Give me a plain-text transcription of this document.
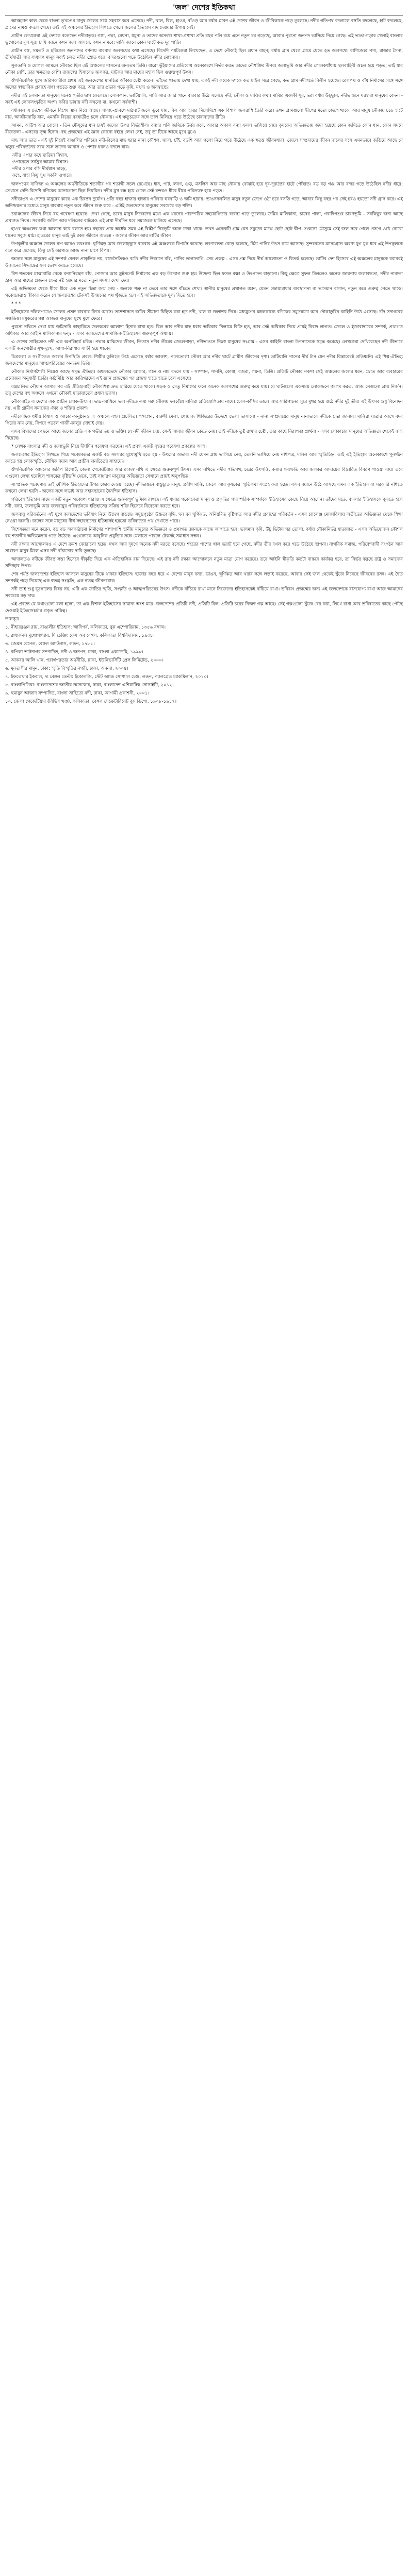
'জল' দেশের ইতিকথা

আবহমান কাল থেকে বাংলা ভূখণ্ডের মানুষ জলের সঙ্গে সহবাস করে এসেছে। নদী, খাল, বিল, হাওর, বাঁওড় আর বর্ষার প্লাবন এই দেশের জীবন ও জীবিকাকে গড়ে তুলেছে। নদীর গতিপথ বদলালে বসতি বদলেছে, হাট বদলেছে, গ্রামের নামও বদলে গেছে। তাই এই অঞ্চলের ইতিহাস লিখতে গেলে জলের ইতিহাস বাদ দেওয়ার উপায় নেই।

প্রাচীন লেখকেরা এই দেশকে বলেছেন নদীমাতৃক। গঙ্গা, পদ্মা, মেঘনা, যমুনা ও তাদের অসংখ্য শাখা-প্রশাখা প্রতি বছর পলি বয়ে এনে নতুন চর গড়েছে, আবার পুরনো জনপদ ভাসিয়ে নিয়ে গেছে। এই ভাঙা-গড়ার খেলাই বাংলার ভূগোলের মূল সুর। চাষি জানে কখন জল আসবে, কখন নামবে; মাঝি জানে কোন ঘাটে কত দূর পাড়ি।

প্রাচীন বঙ্গ, সমতট ও হরিকেল জনপদের বর্ণনায় বারবার জলপথের কথা এসেছে। বিদেশি পর্যটকেরা লিখেছেন, এ দেশে নৌকাই ছিল প্রধান বাহন; বর্ষায় গ্রাম থেকে গ্রামে যেতে হত জলপথে। বাণিজ্যের পণ্য, রাজার সৈন্য, তীর্থযাত্রী আর সাধারণ মানুষ সবাই চলত নদীর স্রোত ধরে। বন্দরগুলো গড়ে উঠেছিল নদীর মোহনায়।

সুলতানি ও মোগল আমলে নৌবহর ছিল এই অঞ্চলের শাসনের অন্যতম ভিত্তি। বারো ভুঁইয়াদের প্রতিরোধ অনেকাংশে নির্ভর করত তাদের নৌশক্তির উপর। জলাভূমি আর নদীর গোলকধাঁধায় স্থলবাহিনী অচল হয়ে পড়ত; তাই যার নৌকা বেশি, তার ক্ষমতাও বেশি। রাজস্বের হিসাবেও জলকর, ঘাটকর আর মাছের মহাল ছিল গুরুত্বপূর্ণ উৎস।

ঔপনিবেশিক যুগে জরিপকারীরা প্রথম এই জলদেশের মানচিত্র আঁকার চেষ্টা করেন। তাঁদের খাতায় দেখা যায়, একই নদী কয়েক দশকে কত মাইল সরে গেছে, কত গ্রাম নদীগর্ভে বিলীন হয়েছে। রেলপথ ও বাঁধ নির্মাণের সঙ্গে সঙ্গে জলের স্বাভাবিক প্রবাহে বাধা পড়তে শুরু করে, আর তার প্রভাব পড়ে কৃষি, মৎস্য ও জনস্বাস্থ্যে।

নদীর এই চলমানতা মানুষের মনেও গভীর ছাপ ফেলেছে। লোকগান, ভাটিয়ালি, সারি আর জারি গানে বারবার উঠে এসেছে নদী, নৌকা ও মাঝির কথা। মাঝির একাকী সুর, ভরা বর্ষার উচ্ছ্বাস, নদীভাঙনে ঘরহারা মানুষের বেদনা - সবই এই লোকসংস্কৃতির অংশ। কবির ভাষায় নদী কখনো মা, কখনো সর্বনাশী।

বর্ষাকাল এ দেশের জীবনে বিশেষ স্থান নিয়ে আছে। আষাঢ়-শ্রাবণে মাঠঘাট জলে ডুবে যায়, বিল আর হাওর মিলেমিশে এক বিশাল জলরাশি তৈরি করে। তখন গ্রামগুলো দ্বীপের মতো জেগে থাকে, আর মানুষ নৌকায় চড়ে হাটে যায়, আত্মীয়বাড়ি যায়, এমনকি বিয়ের বরযাত্রীও চলে নৌকায়। এই ঋতুচক্রের সঙ্গে তাল মিলিয়ে গড়ে উঠেছে চাষাবাদের রীতি।

আমন, আউশ আর বোরো - তিন মৌসুমের ধান চাষই জলের উপর নির্ভরশীল। বন্যার পলি জমিকে উর্বর করে, আবার অকাল বন্যা ফসল ভাসিয়ে নেয়। কৃষকের অভিজ্ঞতায় জমা হয়েছে কোন জমিতে কোন ধান, কোন সময়ে বীজতলা - এসবের সূক্ষ্ম হিসাব। বহু প্রজন্মের এই জ্ঞান কোনো বইয়ে লেখা নেই, তবু তা টিকে আছে মুখে মুখে।

মাছ আর ভাত - এই দুই নিয়েই বাঙালির পরিচয়। নদী-বিলের মাছ ধরার নানা কৌশল, জাল, চাঁই, বড়শি আর পলো নিয়ে গড়ে উঠেছে এক স্বতন্ত্র জীবনধারা। জেলে সম্প্রদায়ের জীবন জলের সঙ্গে এমনভাবে জড়িয়ে আছে যে ঋতুর পরিবর্তনের সঙ্গে সঙ্গে তাদের আবাস ও পেশার ধরনও বদলে যায়।

নদীর এপার কহে ছাড়িয়া নিশ্বাস,
ওপারেতে সর্বসুখ আমার বিশ্বাস।
নদীর ওপার বসি দীর্ঘশ্বাস ছাড়ে,
কহে, যাহা কিছু সুখ সকলি ওপারে।

জলপথের বাণিজ্য এ অঞ্চলের অর্থনীতিকে শতাব্দীর পর শতাব্দী সচল রেখেছে। ধান, পাট, লবণ, গুড়, মসলিন আর মাছ নৌকায় বোঝাই হয়ে দূর-দূরান্তের হাটে পৌঁছাত। বড় বড় গঞ্জ আর বন্দর গড়ে উঠেছিল নদীর ধারে; সেখানে দেশি-বিদেশি বণিকের আনাগোনা ছিল নিয়মিত। নদীর মুখ বন্ধ হয়ে গেলে সেই বন্দরও ধীরে ধীরে পরিত্যক্ত হয়ে পড়ত।

নদীভাঙন এ দেশের মানুষের কাছে এক চিরন্তন দুর্যোগ। প্রতি বছর হাজার হাজার পরিবার ঘরবাড়ি ও জমি হারায়। ভাঙনকবলিত মানুষ নতুন জেগে ওঠা চরে বসতি গড়ে, আবার কিছু বছর পর সেই চরও হয়তো নদী গ্রাস করে। এই অনিশ্চয়তার মধ্যেও মানুষ বারবার নতুন করে জীবন শুরু করে - এটাই জলদেশের মানুষের সবচেয়ে বড় শক্তি।

চরাঞ্চলের জীবন নিয়ে বহু গবেষণা হয়েছে। দেখা গেছে, চরের মানুষ নিজেদের মধ্যে এক ধরনের পারস্পরিক সহযোগিতার ব্যবস্থা গড়ে তুলেছে। জমির মালিকানা, চাষের পালা, গবাদিপশুর চারণভূমি - সবকিছুর জন্য আছে প্রথাগত নিয়ম। সরকারি জরিপ আর দলিলের বাইরেও এই প্রথা দীর্ঘদিন ধরে সমাজকে চালিয়ে এসেছে।

হাওর অঞ্চলের কথা আলাদা করে বলতে হয়। বছরের প্রায় অর্ধেক সময় এই বিস্তীর্ণ নিম্নভূমি জলে ঢাকা থাকে। তখন একেকটি গ্রাম যেন সমুদ্রের মাঝে ছোট ছোট দ্বীপ। শুকনো মৌসুমে সেই জল সরে গেলে জেগে ওঠে বোরো ধানের সবুজ মাঠ। হাওরের মানুষ তাই দুই রকম জীবনে অভ্যস্ত - জলের জীবন আর মাটির জীবন।

উপকূলীয় অঞ্চলে জলের রূপ আরও ভয়ংকর। ঘূর্ণিঝড় আর জলোচ্ছ্বাস বারবার এই অঞ্চলকে বিপর্যস্ত করেছে। লবণাক্ততা বেড়ে চলেছে, মিঠা পানির উৎস কমে আসছে। সুন্দরবনের ম্যানগ্রোভ অরণ্য যুগ যুগ ধরে এই উপকূলকে রক্ষা করে এসেছে, কিন্তু সেই অরণ্যও আজ নানা চাপে বিপন্ন।

জলের সঙ্গে মানুষের এই সম্পর্ক কেবল প্রাকৃতিক নয়, রাজনৈতিকও বটে। নদীর উজানে বাঁধ, পানির ভাগাভাগি, সেচ প্রকল্প - এসব প্রশ্ন নিয়ে দীর্ঘ আলোচনা ও বিতর্ক চলেছে। ভাটির দেশ হিসেবে এই অঞ্চলের মানুষকে বরাবরই উজানের সিদ্ধান্তের ফল ভোগ করতে হয়েছে।

বিশ শতকের মাঝামাঝি থেকে বন্যানিয়ন্ত্রণ বাঁধ, পোল্ডার আর স্লুইসগেট নির্মাণের এক বড় উদ্যোগ শুরু হয়। উদ্দেশ্য ছিল ফসল রক্ষা ও উৎপাদন বাড়ানো। কিছু ক্ষেত্রে সুফল মিললেও অনেক জায়গায় জলাবদ্ধতা, নদীর নাব্যতা হ্রাস আর মাছের প্রজনন ক্ষেত্র নষ্ট হওয়ার মতো নতুন সমস্যা দেখা দেয়।

এই অভিজ্ঞতা থেকে ধীরে ধীরে এক নতুন চিন্তা জন্ম নেয় - জলকে শত্রু না ভেবে তার সঙ্গে বাঁচতে শেখা। স্থানীয় মানুষের প্রথাগত জ্ঞান, যেমন জোয়ারাধার ব্যবস্থাপনা বা ভাসমান বাগান, নতুন করে গুরুত্ব পেতে থাকে। গবেষকেরাও স্বীকার করেন যে জলদেশের টেকসই উন্নয়নের পথ খুঁজতে হলে এই অভিজ্ঞতাকে মূল্য দিতে হবে।

* * *

ইতিহাসের দলিলপত্রেও জলের প্রসঙ্গ বারবার ফিরে আসে। তাম্রশাসনে জমির সীমানা চিহ্নিত করা হত নদী, খাল বা জলাশয় দিয়ে। মধ্যযুগের মঙ্গলকাব্যে বণিকের সমুদ্রযাত্রা আর নৌকাডুবির কাহিনি উঠে এসেছে। চাঁদ সদাগরের সপ্তডিঙা মধুকরের গল্প আজও মানুষের মুখে মুখে ফেরে।

পুরনো নথিতে দেখা যায় জমিদারি কাছারিতে জলকরের আলাদা হিসাব রাখা হত। বিল আর নদীর মাছ ধরার অধিকার নিলামে বিক্রি হত, আর সেই অধিকার নিয়ে প্রায়ই বিবাদ লাগত। জেলে ও ইজারাদারের সম্পর্ক, প্রথাগত অধিকার আর আইনি মালিকানার দ্বন্দ্ব - এসব জলদেশের সামাজিক ইতিহাসের গুরুত্বপূর্ণ অধ্যায়।

এ দেশের সাহিত্যেও নদী এক অপরিহার্য চরিত্র। পদ্মার মাঝিদের জীবন, তিতাস নদীর তীরের জেলেপাড়া, নদীভাঙনে নিঃস্ব মানুষের সংগ্রাম - এসব কাহিনি বাংলা উপন্যাসকে সমৃদ্ধ করেছে। লেখকেরা দেখিয়েছেন নদী কীভাবে একটি জনগোষ্ঠীর সুখ-দুঃখ, আশা-নিরাশার সাক্ষী হয়ে থাকে।

চিত্রকলা ও সংগীতেও জলের উপস্থিতি প্রবল। শিল্পীর তুলিতে উঠে এসেছে বর্ষার আকাশ, পালতোলা নৌকা আর নদীর ঘাটে গ্রামীণ জীবনের দৃশ্য। ভাটিয়ালি গানের দীর্ঘ টান যেন নদীর বিস্তারেরই প্রতিধ্বনি। এই শিল্প-ঐতিহ্য জলদেশের মানুষের আত্মপরিচয়ের অন্যতম ভিত্তি।

নৌকার নির্মাণশৈলী নিয়েও আছে সমৃদ্ধ ঐতিহ্য। অঞ্চলভেদে নৌকার আকার, গঠন ও নাম বদলে যায় - সাম্পান, পানসি, কোষা, বজরা, গয়না, ডিঙি। প্রতিটি নৌকার নকশা সেই অঞ্চলের জলের ধরন, স্রোত আর ব্যবহারের প্রয়োজন অনুযায়ী তৈরি। কাঠমিস্ত্রি আর কারিগরদের এই জ্ঞান প্রজন্মের পর প্রজন্ম হাতে হাতে চলে এসেছে।

যন্ত্রচালিত নৌযান আসার পর এই ঐতিহ্যবাহী নৌকাশিল্প দ্রুত হারিয়ে যেতে থাকে। সড়ক ও সেতু নির্মাণের ফলে অনেক জলপথের গুরুত্ব কমে যায়। যে ঘাটগুলো একসময় লোকজনে গমগম করত, আজ সেগুলো প্রায় নির্জন। তবু দেশের বহু অঞ্চলে এখনো নৌকাই যাতায়াতের প্রধান ভরসা।

নৌকাবাইচ এ দেশের এক প্রাচীন লোক-উৎসব। ভাদ্র-আশ্বিনে ভরা নদীতে লম্বা সরু নৌকায় দলবেঁধে মাঝিরা প্রতিযোগিতায় নামে। ঢোল-কাঁসির তালে আর সারিগানের সুরে মুখর হয়ে ওঠে নদীর দুই তীর। এই উৎসব শুধু বিনোদন নয়, এটি গ্রামীণ সমাজের ঐক্য ও শক্তির প্রকাশ।

নদীকেন্দ্রিক ধর্মীয় বিশ্বাস ও আচার-অনুষ্ঠানও এ অঞ্চলে বহুল প্রচলিত। গঙ্গাস্নান, বারুণী মেলা, খোয়াজ খিজিরের উদ্দেশে ভেলা ভাসানো - নানা সম্প্রদায়ের মানুষ নানাভাবে নদীকে শ্রদ্ধা জানায়। মাঝিরা যাত্রার আগে বদর পিরের নাম নেয়, বিপদে পড়লে গাজী-কালুর দোহাই দেয়।

এসব বিশ্বাসের পেছনে আছে জলের প্রতি এক গভীর ভয় ও ভক্তি। যে নদী জীবন দেয়, সে-ই আবার জীবন কেড়ে নেয়। তাই নদীকে তুষ্ট রাখার চেষ্টা, তার কাছে নিরাপত্তা প্রার্থনা - এসব লোকাচার মানুষের অভিজ্ঞতা থেকেই জন্ম নিয়েছে।

* লেখক বাংলার নদী ও জলাভূমি নিয়ে দীর্ঘদিন গবেষণা করছেন। এই প্রবন্ধ একটি বৃহত্তর গবেষণা প্রকল্পের অংশ।

জলদেশের ইতিহাস লিখতে গিয়ে গবেষকদের একটি বড় সমস্যার মুখোমুখি হতে হয় - উৎসের অভাব। নদী যেমন গ্রাম ভাসিয়ে নেয়, তেমনি ভাসিয়ে নেয় নথিপত্র, দলিল আর স্মৃতিচিহ্ন। তাই এই ইতিহাস অনেকাংশে পুনর্গঠন করতে হয় লোকস্মৃতি, মৌখিক বয়ান আর প্রাচীন মানচিত্রের সাহায্যে।

ঔপনিবেশিক আমলের জরিপ রিপোর্ট, জেলা গেজেটিয়ার আর রাজস্ব নথি এ ক্ষেত্রে গুরুত্বপূর্ণ উৎস। এসব নথিতে নদীর গতিপথ, চরের উৎপত্তি, বন্যার ক্ষয়ক্ষতি আর জলকর আদায়ের বিস্তারিত বিবরণ পাওয়া যায়। তবে এগুলো লেখা হয়েছিল শাসকের দৃষ্টিভঙ্গি থেকে, তাই সাধারণ মানুষের অভিজ্ঞতা সেখানে প্রায়ই অনুপস্থিত।

সাম্প্রতিক গবেষণায় তাই মৌখিক ইতিহাসের উপর জোর দেওয়া হচ্ছে। নদীভাঙনে বাস্তুচ্যুত মানুষ, প্রবীণ মাঝি, জেলে আর কৃষকের স্মৃতিকথা সংগ্রহ করা হচ্ছে। এসব বয়ানে উঠে আসছে এমন এক ইতিহাস যা সরকারি নথিতে কখনো লেখা হয়নি - জলের সঙ্গে লড়াই আর সহাবস্থানের দৈনন্দিন ইতিহাস।

পরিবেশ ইতিহাস নামে একটি নতুন গবেষণা ধারাও এ ক্ষেত্রে গুরুত্বপূর্ণ ভূমিকা রাখছে। এই ধারার গবেষকেরা মানুষ ও প্রকৃতির পারস্পরিক সম্পর্ককে ইতিহাসের কেন্দ্রে নিয়ে আসেন। তাঁদের মতে, বাংলার ইতিহাসকে বুঝতে হলে নদী, বন্যা, জলাভূমি আর জলবায়ুর পরিবর্তনকে ইতিহাসের সক্রিয় শক্তি হিসেবে বিবেচনা করতে হবে।

জলবায়ু পরিবর্তনের এই যুগে জলদেশের ভবিষ্যৎ নিয়ে উদ্বেগ বাড়ছে। সমুদ্রপৃষ্ঠের উচ্চতা বৃদ্ধি, ঘন ঘন ঘূর্ণিঝড়, অনিয়মিত বৃষ্টিপাত আর নদীর প্রবাহের পরিবর্তন - এসব চ্যালেঞ্জ মোকাবিলায় অতীতের অভিজ্ঞতা থেকে শিক্ষা নেওয়া জরুরি। জলের সঙ্গে মানুষের দীর্ঘ সহাবস্থানের ইতিহাসই হয়তো ভবিষ্যতের পথ দেখাতে পারে।

বিশেষজ্ঞরা মনে করেন, বড় বড় অবকাঠামো নির্মাণের পাশাপাশি স্থানীয় মানুষের অভিজ্ঞতা ও প্রথাগত জ্ঞানকে কাজে লাগাতে হবে। ভাসমান কৃষি, উঁচু ভিটায় ঘর তোলা, বর্ষায় নৌকানির্ভর যাতায়াত - এসব অভিযোজন কৌশল বহু শতাব্দীর অভিজ্ঞতায় গড়ে উঠেছে। এগুলোকে আধুনিক প্রযুক্তির সঙ্গে মেলাতে পারলে টেকসই সমাধান সম্ভব।

নদী রক্ষার আন্দোলনও এ দেশে ক্রমশ জোরালো হচ্ছে। দখল আর দূষণে অনেক নদী মরতে বসেছে। শহরের পাশের খাল ভরাট হয়ে গেছে, নদীর তীর দখল করে গড়ে উঠেছে স্থাপনা। নাগরিক সমাজ, পরিবেশবাদী সংগঠন আর সাধারণ মানুষ মিলে এসব নদী বাঁচানোর দাবি তুলছে।

আদালতও নদীকে জীবন্ত সত্তা হিসেবে স্বীকৃতি দিয়ে এক ঐতিহাসিক রায় দিয়েছে। এই রায় নদী রক্ষার আন্দোলনে নতুন মাত্রা যোগ করেছে। তবে আইনি স্বীকৃতি কতটা বাস্তবে কার্যকর হবে, তা নির্ভর করছে রাষ্ট্র ও সমাজের সদিচ্ছার উপর।

শেষ পর্যন্ত জলদেশের ইতিহাস আসলে মানুষের টিকে থাকার ইতিহাস। হাজার বছর ধরে এ দেশের মানুষ বন্যা, ভাঙন, ঘূর্ণিঝড় আর খরার সঙ্গে লড়াই করেছে, আবার সেই জল থেকেই খুঁজে নিয়েছে জীবনের রসদ। এই দ্বৈত সম্পর্কই গড়ে দিয়েছে এক স্বতন্ত্র সংস্কৃতি, এক স্বতন্ত্র জীবনবোধ।

নদী তাই শুধু ভূগোলের বিষয় নয়, এটি এক জাতির স্মৃতি, সংস্কৃতি ও আত্মপরিচয়ের উৎস। নদীকে বাঁচিয়ে রাখা মানে নিজেদের ইতিহাসকেই বাঁচিয়ে রাখা। ভবিষ্যৎ প্রজন্মের জন্য এই জলদেশকে বাসযোগ্য রাখা আজ আমাদের সবচেয়ে বড় দায়।

এই প্রবন্ধে যে কথাগুলো বলা হলো, তা এক বিশাল ইতিহাসের সামান্য অংশ মাত্র। জলদেশের প্রতিটি নদী, প্রতিটি বিল, প্রতিটি চরের নিজস্ব গল্প আছে। সেই গল্পগুলো খুঁজে বের করা, লিখে রাখা আর ভবিষ্যতের কাছে পৌঁছে দেওয়াই ইতিহাসচর্চার প্রকৃত দায়িত্ব।

তথ্যসূত্র

১. নীহাররঞ্জন রায়, বাঙালীর ইতিহাস: আদিপর্ব, কলিকাতা, বুক এম্পোরিয়াম, ১৩৫৬ বঙ্গাব্দ।

২. রাধাকমল মুখোপাধ্যায়, দি চেঞ্জিং ফেস অব বেঙ্গল, কলিকাতা বিশ্ববিদ্যালয়, ১৯৩৮।

৩. জেমস রেনেল, বেঙ্গল অ্যাটলাস, লন্ডন, ১৭৮১।

৪. কপিলা ভাটনাগর সম্পাদিত, নদী ও জনপদ, ঢাকা, বাংলা একাডেমি, ১৯৯৮।

৫. আকবর আলি খান, পরার্থপরতার অর্থনীতি, ঢাকা, ইউনিভার্সিটি প্রেস লিমিটেড, ২০০০।

৬. মুনতাসীর মামুন, ঢাকা: স্মৃতি বিস্মৃতির নগরী, ঢাকা, অনন্যা, ২০০৪।

৭. ইফতেখার ইকবাল, দ্য বেঙ্গল ডেল্টা: ইকোলজি, স্টেট অ্যান্ড সোশ্যাল চেঞ্জ, লন্ডন, প্যালগ্রেভ ম্যাকমিলান, ২০১০।

৮. বাংলাপিডিয়া: বাংলাদেশের জাতীয় জ্ঞানকোষ, ঢাকা, বাংলাদেশ এশিয়াটিক সোসাইটি, ২০১২।

৯. হুমায়ুন আজাদ সম্পাদিত, বাংলা সাহিত্যে নদী, ঢাকা, আগামী প্রকাশনী, ২০০১।

১০. জেলা গেজেটিয়ার (বিভিন্ন খণ্ড), কলিকাতা, বেঙ্গল সেক্রেটারিয়েট বুক ডিপো, ১৯০৮-১৯১৭।
